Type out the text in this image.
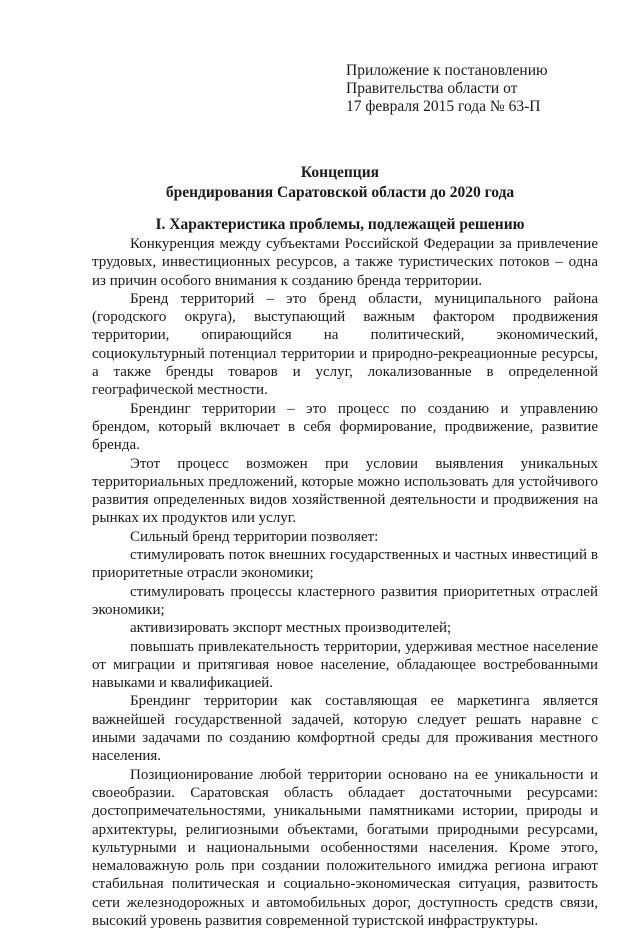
Приложение к постановлению
Правительства области от
17 февраля 2015 года № 63-П
Концепция
брендирования Саратовской области до 2020 года
I. Характеристика проблемы, подлежащей решению

Конкуренция между субъектами Российской Федерации за привлечение трудовых, инвестиционных ресурсов, а также туристических потоков – одна из причин особого внимания к созданию бренда территории.

Бренд территорий – это бренд области, муниципального района (городского округа), выступающий важным фактором продвижения территории, опирающийся на политический, экономический, социокультурный потенциал территории и природно-рекреационные ресурсы, а также бренды товаров и услуг, локализованные в определенной географической местности.

Брендинг территории – это процесс по созданию и управлению брендом, который включает в себя формирование, продвижение, развитие бренда.

Этот процесс возможен при условии выявления уникальных территориальных предложений, которые можно использовать для устойчивого развития определенных видов хозяйственной деятельности и продвижения на рынках их продуктов или услуг.

Сильный бренд территории позволяет:

стимулировать поток внешних государственных и частных инвестиций в приоритетные отрасли экономики;

стимулировать процессы кластерного развития приоритетных отраслей экономики;

активизировать экспорт местных производителей;

повышать привлекательность территории, удерживая местное население от миграции и притягивая новое население, обладающее востребованными навыками и квалификацией.

Брендинг территории как составляющая ее маркетинга является важнейшей государственной задачей, которую следует решать наравне с иными задачами по созданию комфортной среды для проживания местного населения.

Позиционирование любой территории основано на ее уникальности и своеобразии. Саратовская область обладает достаточными ресурсами: достопримечательностями, уникальными памятниками истории, природы и архитектуры, религиозными объектами, богатыми природными ресурсами, культурными и национальными особенностями населения. Кроме этого, немаловажную роль при создании положительного имиджа региона играют стабильная политическая и социально-экономическая ситуация, развитость сети железнодорожных и автомобильных дорог, доступность средств связи, высокий уровень развития современной туристской инфраструктуры.
